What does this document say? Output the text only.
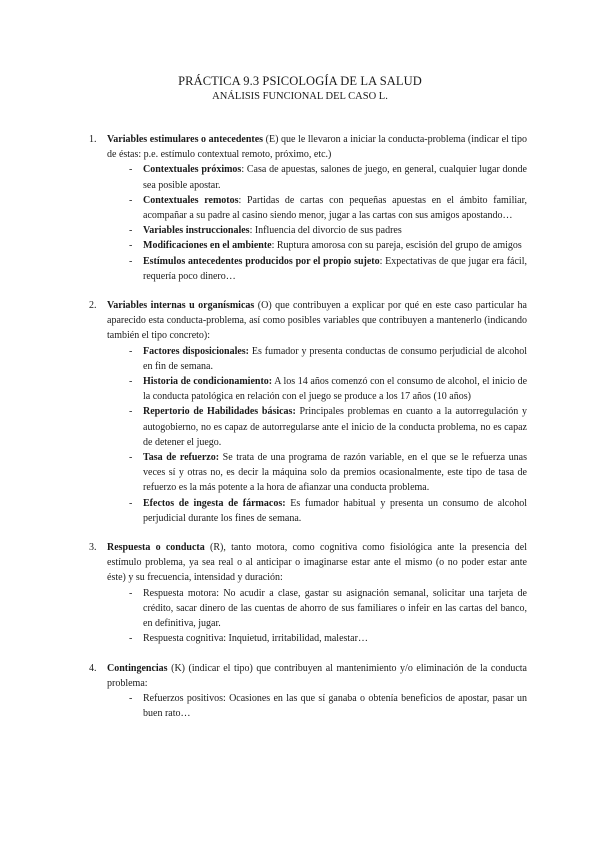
PRÁCTICA 9.3 PSICOLOGÍA DE LA SALUD
ANÁLISIS FUNCIONAL DEL CASO L.
1. Variables estimulares o antecedentes (E) que le llevaron a iniciar la conducta-problema (indicar el tipo de éstas: p.e. estímulo contextual remoto, próximo, etc.)

- Contextuales próximos: Casa de apuestas, salones de juego, en general, cualquier lugar donde sea posible apostar.
- Contextuales remotos: Partidas de cartas con pequeñas apuestas en el ámbito familiar, acompañar a su padre al casino siendo menor, jugar a las cartas con sus amigos apostando…
- Variables instruccionales: Influencia del divorcio de sus padres
- Modificaciones en el ambiente: Ruptura amorosa con su pareja, escisión del grupo de amigos
- Estímulos antecedentes producidos por el propio sujeto: Expectativas de que jugar era fácil, requería poco dinero…
2. Variables internas u organísmicas (O) que contribuyen a explicar por qué en este caso particular ha aparecido esta conducta-problema, así como posibles variables que contribuyen a mantenerlo (indicando también el tipo concreto):

- Factores disposicionales: Es fumador y presenta conductas de consumo perjudicial de alcohol en fin de semana.
- Historia de condicionamiento: A los 14 años comenzó con el consumo de alcohol, el inicio de la conducta patológica en relación con el juego se produce a los 17 años (10 años)
- Repertorio de Habilidades básicas: Principales problemas en cuanto a la autorregulación y autogobierno, no es capaz de autorregularse ante el inicio de la conducta problema, no es capaz de detener el juego.
- Tasa de refuerzo: Se trata de una programa de razón variable, en el que se le refuerza unas veces sí y otras no, es decir la máquina solo da premios ocasionalmente, este tipo de tasa de refuerzo es la más potente a la hora de afianzar una conducta problema.
- Efectos de ingesta de fármacos: Es fumador habitual y presenta un consumo de alcohol perjudicial durante los fines de semana.
3. Respuesta o conducta (R), tanto motora, como cognitiva como fisiológica ante la presencia del estímulo problema, ya sea real o al anticipar o imaginarse estar ante el mismo (o no poder estar ante éste) y su frecuencia, intensidad y duración:

- Respuesta motora: No acudir a clase, gastar su asignación semanal, solicitar una tarjeta de crédito, sacar dinero de las cuentas de ahorro de sus familiares o infeir en las cartas del banco, en definitiva, jugar.
- Respuesta cognitiva: Inquietud, irritabilidad, malestar…
4. Contingencias (K) (indicar el tipo) que contribuyen al mantenimiento y/o eliminación de la conducta problema:

- Refuerzos positivos: Ocasiones en las que sí ganaba o obtenía beneficios de apostar, pasar un buen rato…
